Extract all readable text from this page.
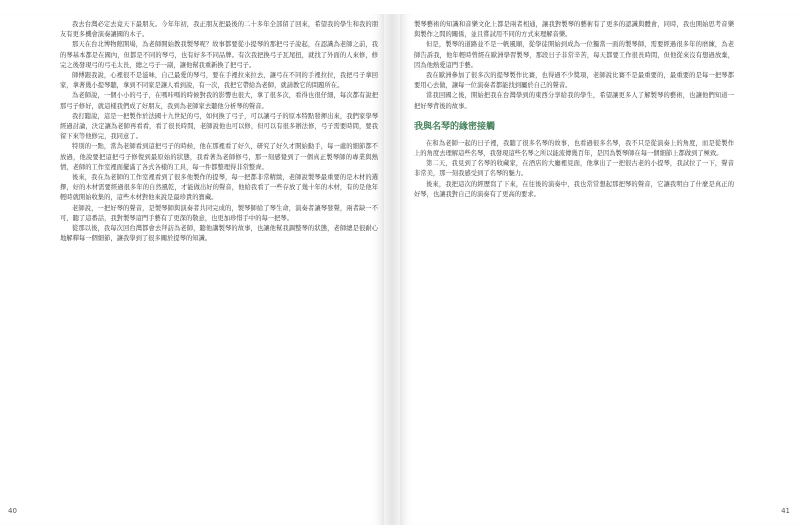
我去台灣必定去竟天下最朋友。今年年初，我正朋友把最後的二十多年全部留了回來，希望我的學生和我的朋友有更多機會演奏讓國的木子。

那天在台北博物館開場，為老師開始教我製琴呢？故事都要從小提琴的那把弓子說起，在認識為老師之前，我的琴基本都是在國內，但都是不同的琴弓，也有好多不同品牌。有次我把換弓子瓦尾扭，就找了外面的人來修，修完之後發現弓的弓毛太長，總之弓子一副，讓他幫我重新換了把弓子。

師傅跟我說，心裡很不是滋味，自己最愛的琴弓，要在手裡拉來拉去，讓弓在不同的手裡拉拉，我把弓子拿回家，拿著幾小提琴聽，拿到不同家是讓人看到說，有一次，我把它帶給為老師，就請教它的問題所在。

為老師說，一個小小的弓子，在嗎咔嗎的時候對我的影響也很大，拿了很多次，看得也很仔細，每次都有說把那弓子修好，就這樣我們成了好朋友，我到為老師家去聽他分析琴的聲音。

我打聽說，這是一把製作於法國十九世紀的弓，如何換了弓子，可以讓弓子的原本特點發揮出來，我們家學琴經過討論，決定讓為老師再看看，看了很長時間，老師說他也可以修，但可以有很多辦法修，弓子需要時間，要我留下來等他修完，我同意了。

特別的一點，當為老師看到這把弓子的時候，他在那裡看了好久，研究了好久才開始動手，每一處的細節都不放過，他說要把這把弓子修復到最原始的狀態，我看著為老師修弓，那一刻感覺到了一個真正製琴師的專業與熱情，老師的工作室裡面擺滿了各式各樣的工具，每一件都整理得非常整齊。

後來，我在為老師的工作室裡看到了很多他製作的提琴，每一把都非常精緻，老師說製琴最重要的是木材的選擇，好的木材需要經過很多年的自然風乾，才能做出好的聲音，他給我看了一些存放了幾十年的木材，有的是他年輕時就開始收集的，這些木材對他來說是最珍貴的寶藏。

老師說，一把好琴的聲音，是製琴師與演奏者共同完成的，製琴師給了琴生命，演奏者讓琴發聲，兩者缺一不可，聽了這番話，我對製琴這門手藝有了更深的敬意，也更加珍惜手中的每一把琴。

從那以後，我每次回台灣都會去拜訪為老師，聽他講製琴的故事，也讓他幫我調整琴的狀態，老師總是很耐心地解釋每一個細節，讓我學到了很多關於提琴的知識。

40

製琴藝術的知識和音樂文化上都是兩者相通，讓我對製琴的藝術有了更多的認識與體會，同時，我也開始思考音樂與製作之間的關係，並且嘗試用不同的方式來理解音樂。

但是，製琴的道路並不是一帆風順，從學徒開始到成為一位獨當一面的製琴師，需要經過很多年的磨練，為老師告訴我，他年輕時曾經在歐洲學習製琴，那段日子非常辛苦，每天都要工作很長時間，但他從來沒有想過放棄，因為他熱愛這門手藝。

我在歐洲參加了很多次的提琴製作比賽，也得過不少獎項，老師說比賽不是最重要的，最重要的是每一把琴都要用心去做，讓每一位演奏者都能找到屬於自己的聲音。

當我回國之後，開始把我在台灣學到的東西分享給我的學生，希望讓更多人了解製琴的藝術，也讓他們知道一把好琴背後的故事。

我與名琴的緣密接觸

在和為老師一起的日子裡，我聽了很多名琴的故事，也看過很多名琴，我不只是從演奏上的角度，而是從製作上的角度去理解這些名琴，我發現這些名琴之所以能流傳幾百年，是因為製琴師在每一個細節上都做到了極致。

第二天，我見到了名琴的收藏家，在酒店的大廳裡見面，他拿出了一把很古老的小提琴，我試拉了一下，聲音非常美，那一刻我感受到了名琴的魅力。

後來，我把這次的經歷寫了下來，在往後的演奏中，我也常常想起那把琴的聲音，它讓我明白了什麼是真正的好琴，也讓我對自己的演奏有了更高的要求。

41
